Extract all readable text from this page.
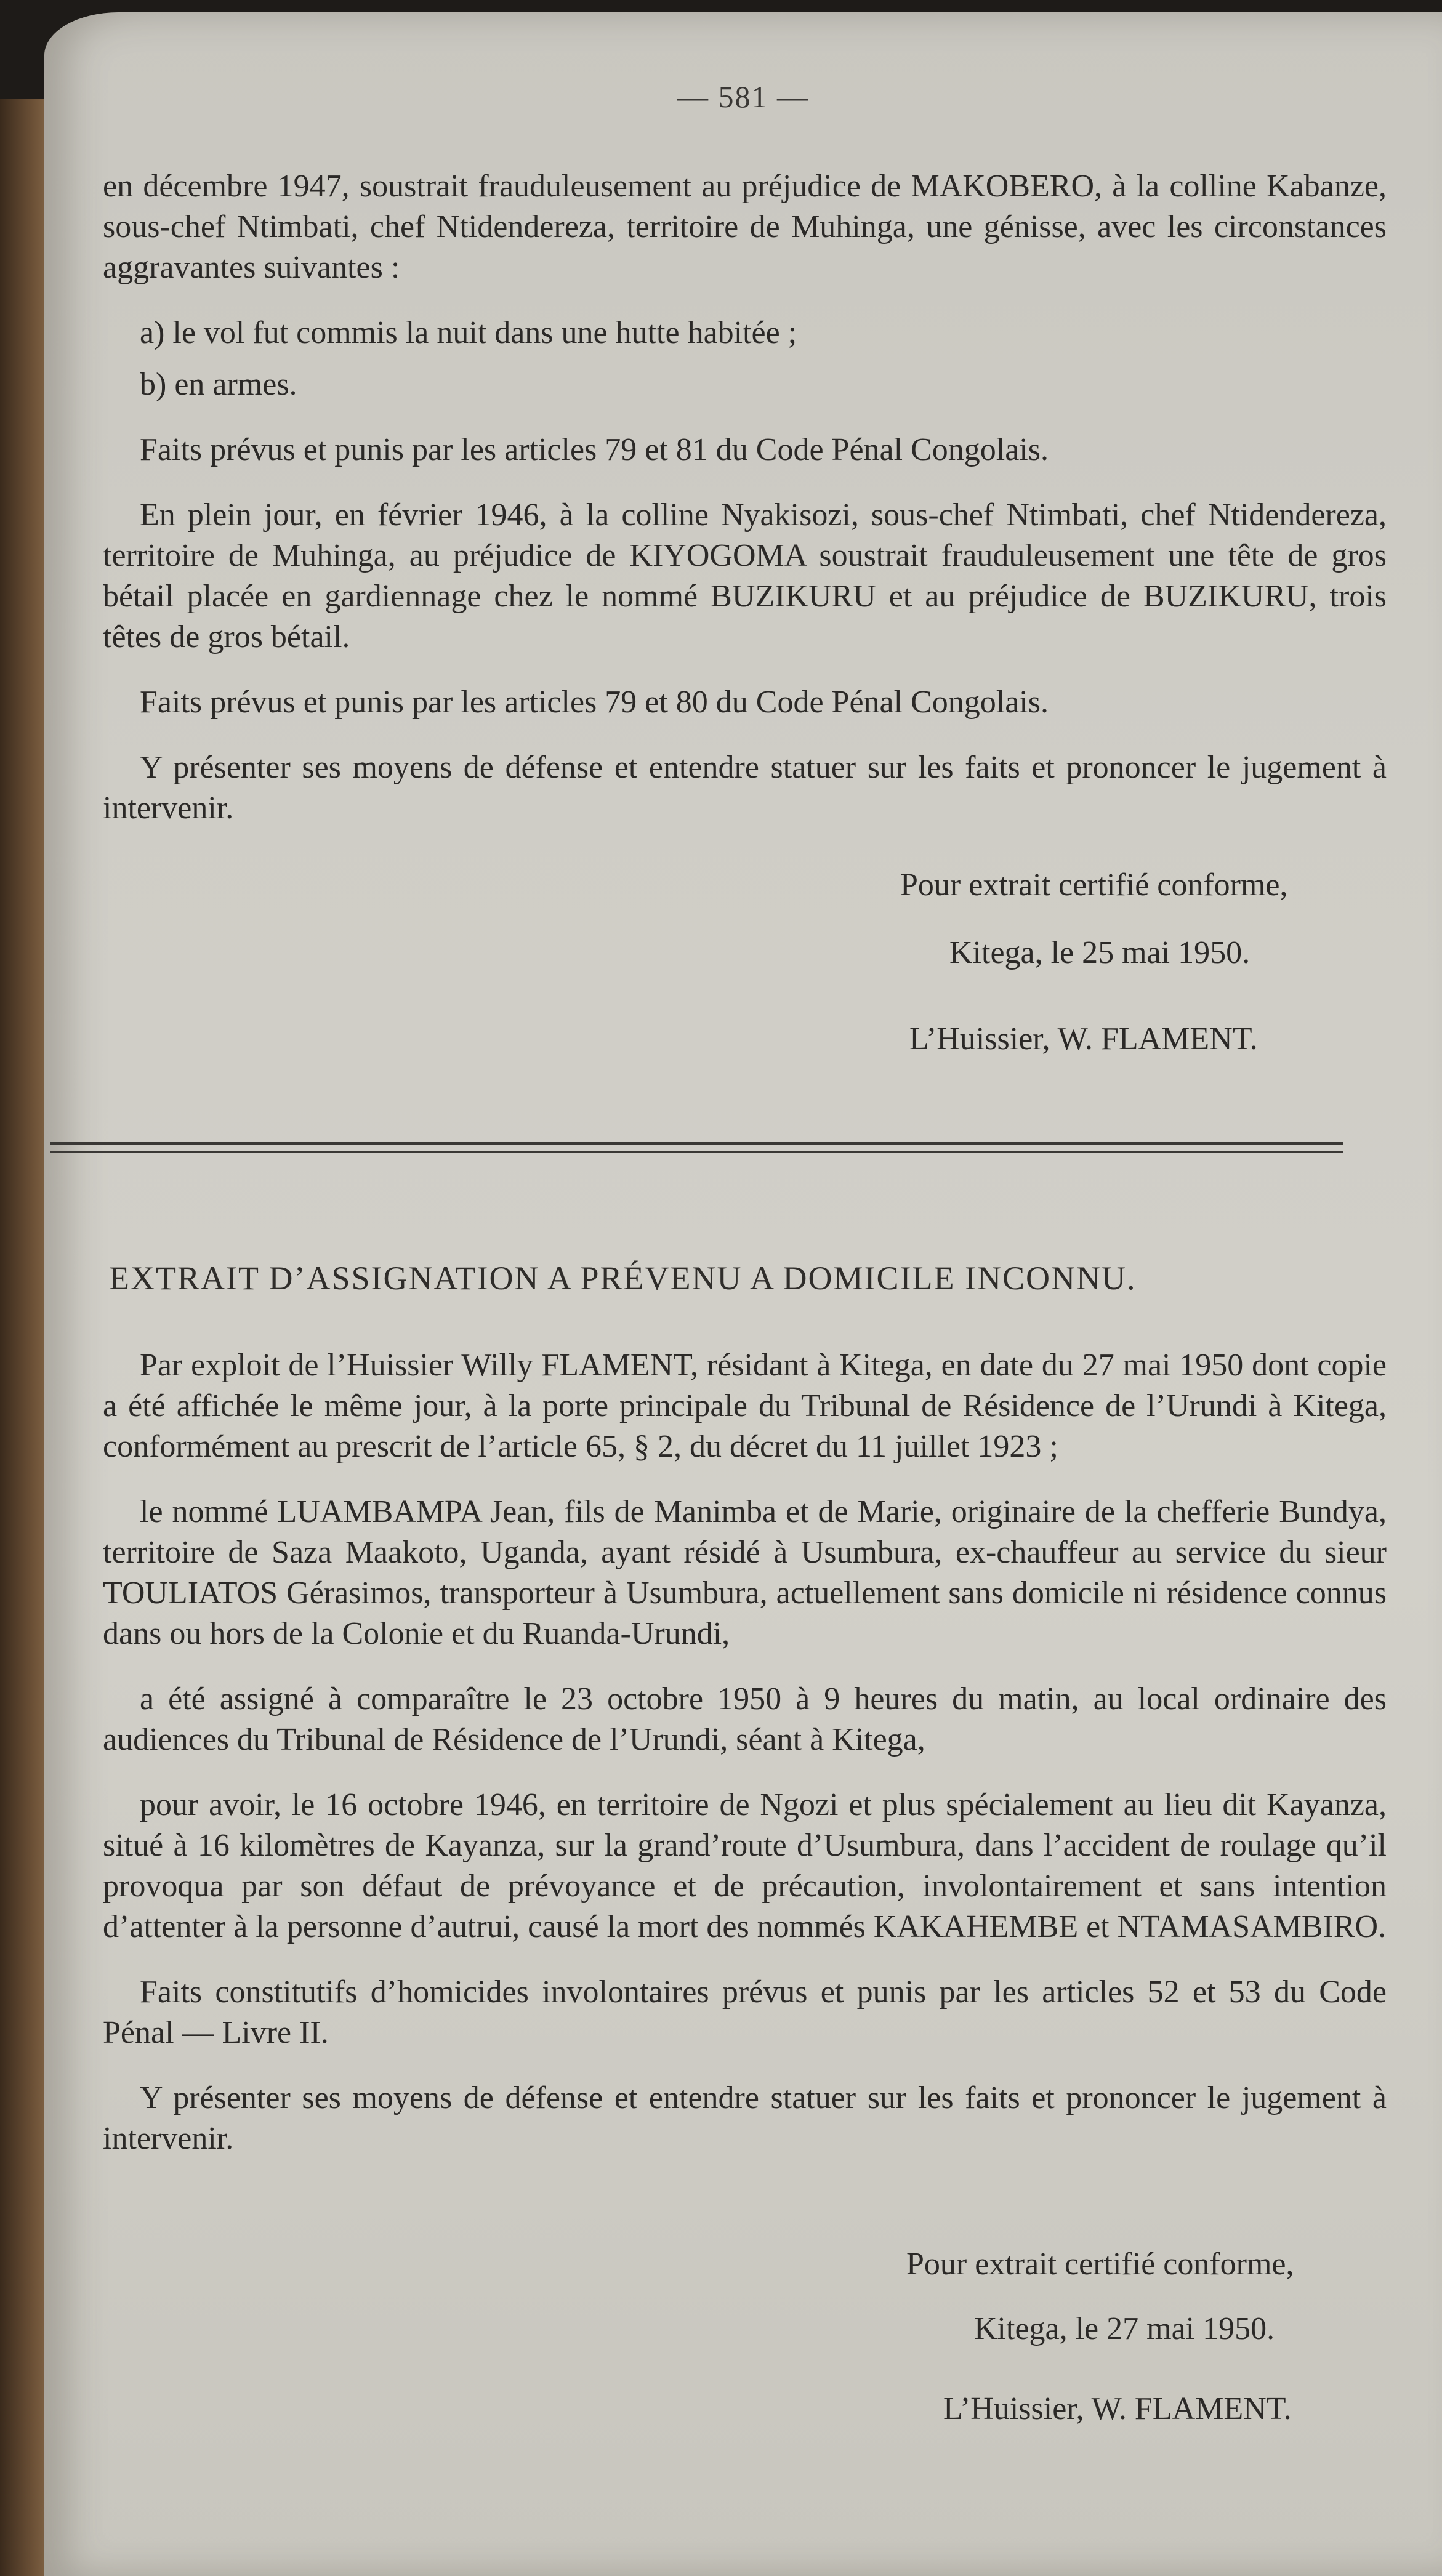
— 581 —

en décembre 1947, soustrait frauduleusement au préjudice de MAKOBERO, à la colline Kabanze, sous-chef Ntimbati, chef Ntidendereza, territoire de Muhinga, une génisse, avec les circonstances aggravantes suivantes :

a) le vol fut commis la nuit dans une hutte habitée ;

b) en armes.

Faits prévus et punis par les articles 79 et 81 du Code Pénal Congolais.

En plein jour, en février 1946, à la colline Nyakisozi, sous-chef Ntimbati, chef Ntidendereza, territoire de Muhinga, au préjudice de KIYOGOMA soustrait frauduleusement une tête de gros bétail placée en gardiennage chez le nommé BUZIKURU et au préjudice de BUZIKURU, trois têtes de gros bétail.

Faits prévus et punis par les articles 79 et 80 du Code Pénal Congolais.

Y présenter ses moyens de défense et entendre statuer sur les faits et prononcer le jugement à intervenir.

Pour extrait certifié conforme,
Kitega, le 25 mai 1950.
L’Huissier, W. FLAMENT.
EXTRAIT D’ASSIGNATION A PRÉVENU A DOMICILE INCONNU.

Par exploit de l’Huissier Willy FLAMENT, résidant à Kitega, en date du 27 mai 1950 dont copie a été affichée le même jour, à la porte principale du Tribunal de Résidence de l’Urundi à Kitega, conformément au prescrit de l’article 65, § 2, du décret du 11 juillet 1923 ;

le nommé LUAMBAMPA Jean, fils de Manimba et de Marie, originaire de la chefferie Bundya, territoire de Saza Maakoto, Uganda, ayant résidé à Usumbura, ex-chauffeur au service du sieur TOULIATOS Gérasimos, transporteur à Usumbura, actuellement sans domicile ni résidence connus dans ou hors de la Colonie et du Ruanda-Urundi,

a été assigné à comparaître le 23 octobre 1950 à 9 heures du matin, au local ordinaire des audiences du Tribunal de Résidence de l’Urundi, séant à Kitega,

pour avoir, le 16 octobre 1946, en territoire de Ngozi et plus spécialement au lieu dit Kayanza, situé à 16 kilomètres de Kayanza, sur la grand’route d’Usumbura, dans l’accident de roulage qu’il provoqua par son défaut de prévoyance et de précaution, involontairement et sans intention d’attenter à la personne d’autrui, causé la mort des nommés KAKAHEMBE et NTAMASAMBIRO.

Faits constitutifs d’homicides involontaires prévus et punis par les articles 52 et 53 du Code Pénal — Livre II.

Y présenter ses moyens de défense et entendre statuer sur les faits et prononcer le jugement à intervenir.

Pour extrait certifié conforme,
Kitega, le 27 mai 1950.
L’Huissier, W. FLAMENT.
